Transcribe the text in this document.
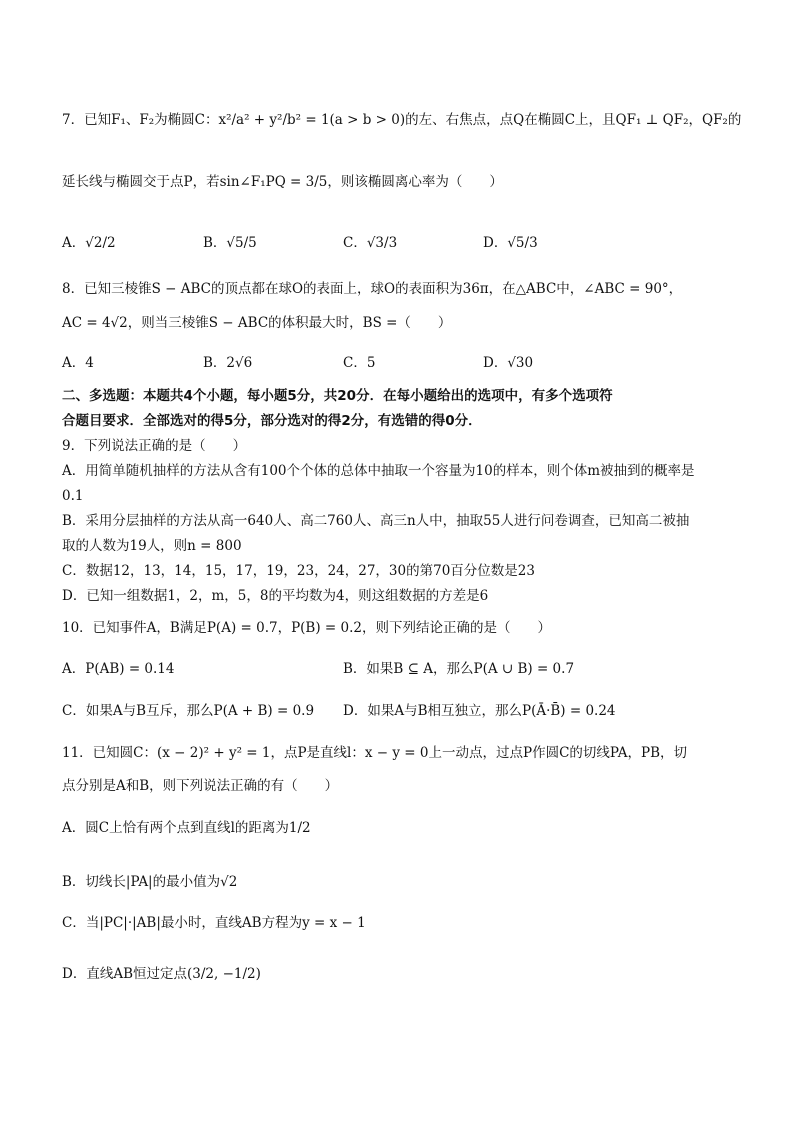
7．已知F₁、F₂为椭圆C：x²/a² + y²/b² = 1(a > b > 0)的左、右焦点，点Q在椭圆C上，且QF₁ ⊥ QF₂，QF₂的
延长线与椭圆交于点P，若sin∠F₁PQ = 3/5，则该椭圆离心率为（　　）
A．√2/2	B．√5/5	C．√3/3	D．√5/3
8．已知三棱锥S − ABC的顶点都在球O的表面上，球O的表面积为36π，在△ABC中，∠ABC = 90°，
AC = 4√2，则当三棱锥S − ABC的体积最大时，BS =（　　）
A．4	B．2√6	C．5	D．√30
二、多选题：本题共4个小题，每小题5分，共20分．在每小题给出的选项中，有多个选项符
合题目要求．全部选对的得5分，部分选对的得2分，有选错的得0分．
9．下列说法正确的是（　　）
A．用简单随机抽样的方法从含有100个个体的总体中抽取一个容量为10的样本，则个体m被抽到的概率是
0.1
B．采用分层抽样的方法从高一640人、高二760人、高三n人中，抽取55人进行问卷调查，已知高二被抽
取的人数为19人，则n = 800
C．数据12，13，14，15，17，19，23，24，27，30的第70百分位数是23
D．已知一组数据1，2，m，5，8的平均数为4，则这组数据的方差是6
10．已知事件A，B满足P(A) = 0.7，P(B) = 0.2，则下列结论正确的是（　　）
A．P(AB) = 0.14	B．如果B ⊆ A，那么P(A ∪ B) = 0.7
C．如果A与B互斥，那么P(A + B) = 0.9 D．如果A与B相互独立，那么P(Ā·B̄) = 0.24
11．已知圆C：(x − 2)² + y² = 1，点P是直线l：x − y = 0上一动点，过点P作圆C的切线PA，PB，切
点分别是A和B，则下列说法正确的有（　　）
A．圆C上恰有两个点到直线l的距离为1/2
B．切线长|PA|的最小值为√2
C．当|PC|·|AB|最小时，直线AB方程为y = x − 1
D．直线AB恒过定点(3/2, −1/2)
